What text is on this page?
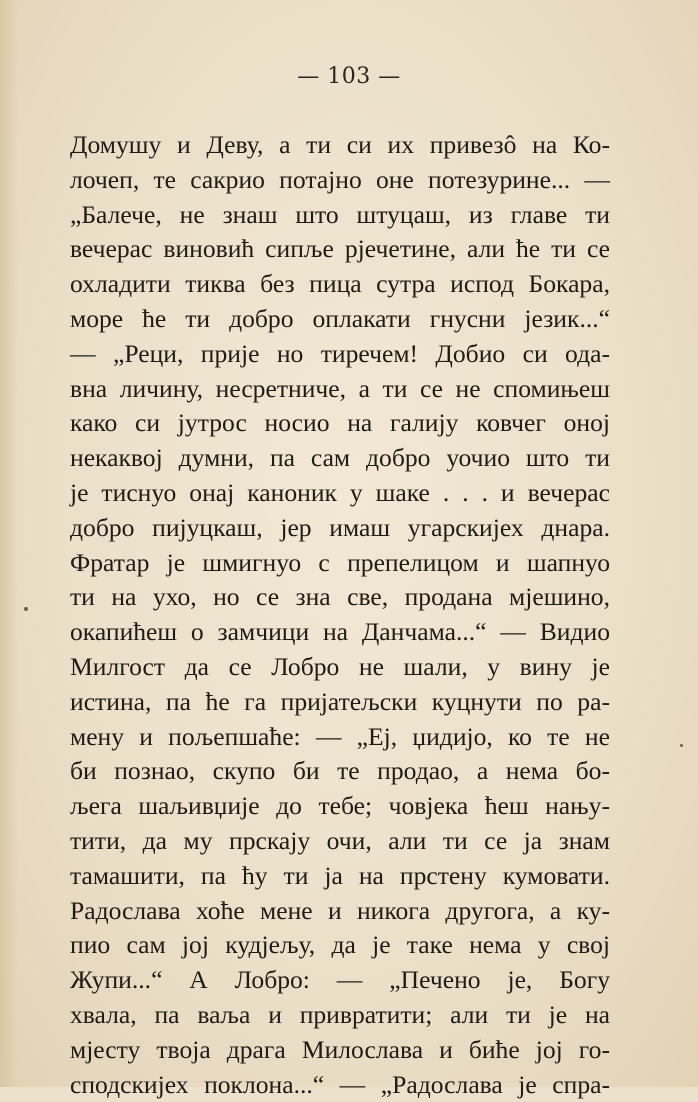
— 103 —
Домушу и Деву, а ти си их привезô на Ко-
лочеп, те сакрио потајно оне потезурине... —
„Балече, не знаш што штуцаш, из главе ти
вечерас виновић сипље рјечетине, али ће ти се
охладити тиква без пица сутра испод Бокара,
море ће ти добро оплакати гнусни језик...“
— „Реци, прије но тиречем! Добио си ода-
вна личину, несретниче, а ти се не спомињеш
како си јутрос носио на галију ковчег оној
некаквој думни, па сам добро уочио што ти
је тиснуо онај каноник у шаке . . . и вечерас
добро пијуцкаш, јер имаш угарскијех днара.
Фратар је шмигнуо с препелицом и шапнуо
ти на ухо, но се зна све, продана мјешино,
окапићеш о замчици на Данчама...“ — Видио
Милгост да се Лобро не шали, у вину је
истина, па ће га пријатељски куцнути по ра-
мену и пољепшаће: — „Еј, џидијо, ко те не
би познао, скупо би те продао, а нема бо-
љега шаљивџије до тебе; човјека ћеш нању-
тити, да му прскају очи, али ти се ја знам
тамашити, па ћу ти ја на прстену кумовати.
Радослава хоће мене и никога другога, а ку-
пио сам јој кудјељу, да је таке нема у свој
Жупи...“ А Лобро: — „Печено је, Богу
хвала, па ваља и привратити; али ти је на
мјесту твоја драга Милослава и биће јој го-
сподскијех поклона...“ — „Радослава је спра-
